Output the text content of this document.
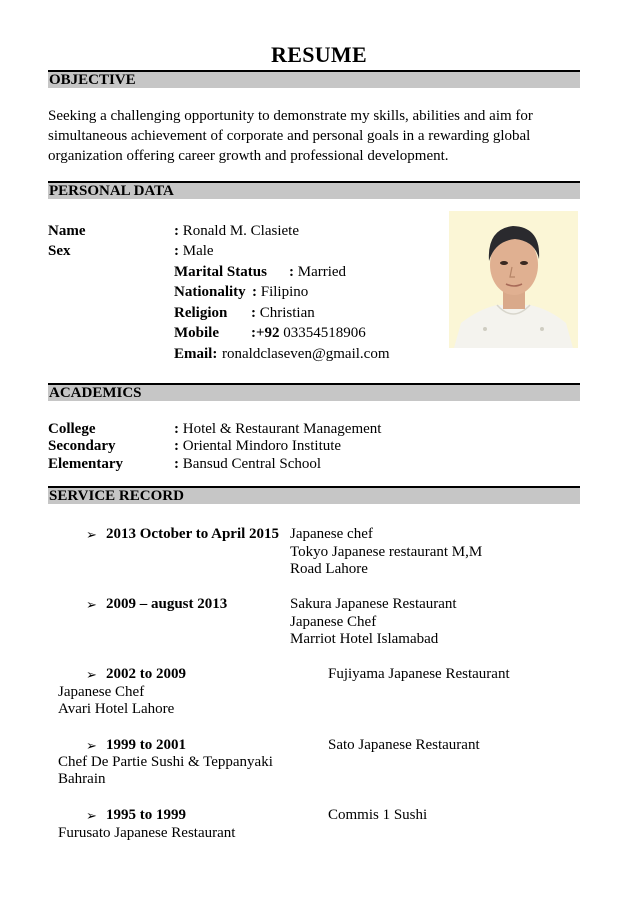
RESUME
OBJECTIVE
Seeking a challenging opportunity to demonstrate my skills, abilities and aim for
simultaneous achievement of corporate and personal goals in a rewarding global
organization offering career growth and professional development.
PERSONAL DATA
Name	: Ronald M. Clasiete
Sex	: Male
Marital Status : Married
Nationality : Filipino
Religion : Christian
Mobile :+92 03354518906
Email: ronaldclaseven@gmail.com
ACADEMICS
College	: Hotel & Restaurant Management
Secondary	: Oriental Mindoro Institute
Elementary	: Bansud Central School
SERVICE RECORD
➢ 2013 October to April 2015 Japanese chef
Tokyo Japanese restaurant M,M
Road Lahore
➢ 2009 – august 2013	Sakura Japanese Restaurant
Japanese Chef
Marriot Hotel Islamabad
➢ 2002 to 2009	Fujiyama Japanese Restaurant
Japanese Chef
Avari Hotel Lahore
➢ 1999 to 2001	Sato Japanese Restaurant
Chef De Partie Sushi & Teppanyaki
Bahrain
➢ 1995 to 1999	Commis 1 Sushi
Furusato Japanese Restaurant
